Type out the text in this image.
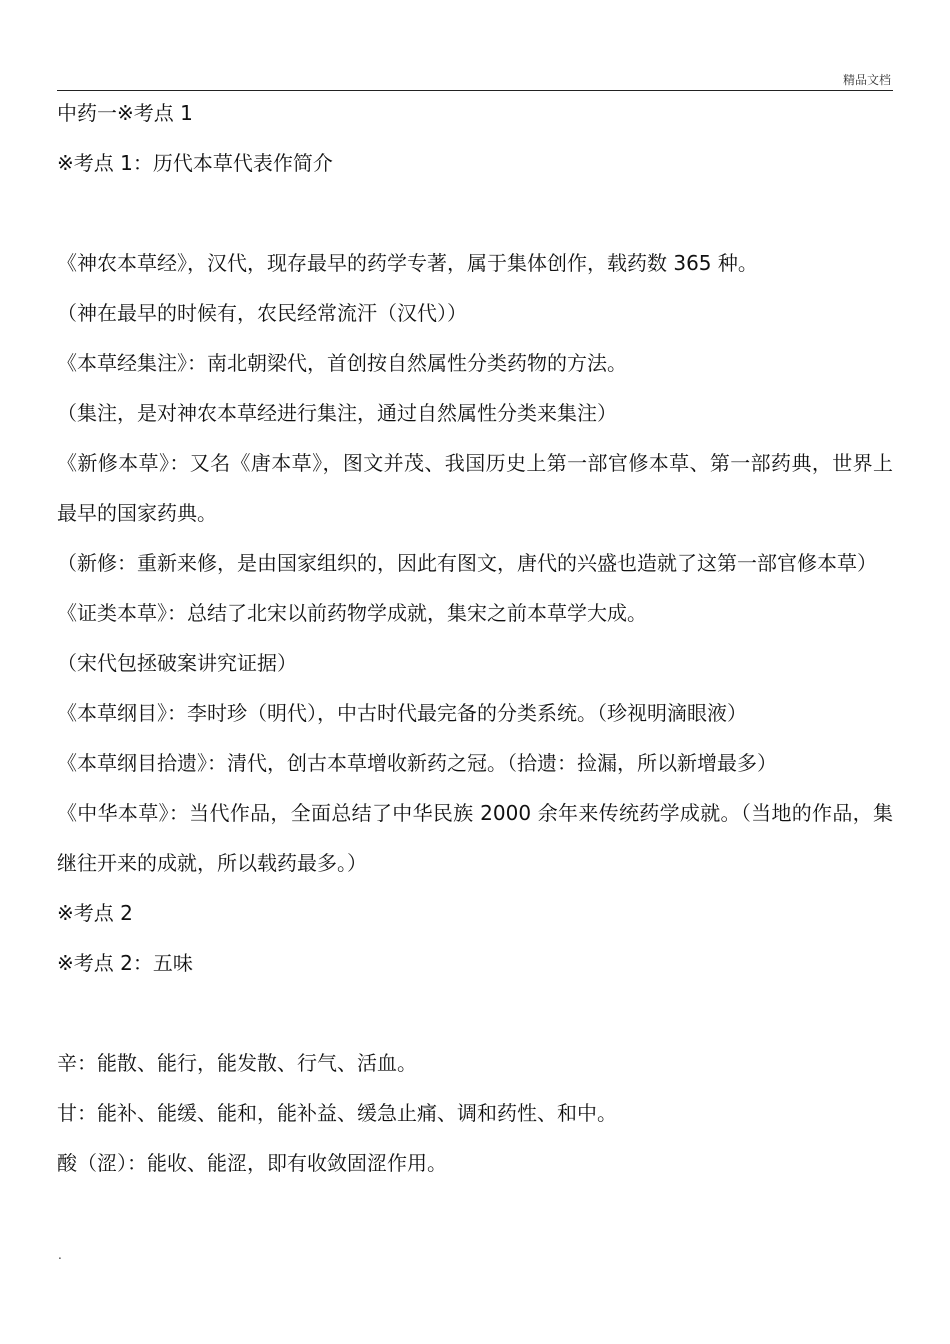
精品文档
中药一※考点 1
※考点 1：历代本草代表作简介
《神农本草经》，汉代，现存最早的药学专著，属于集体创作，载药数 365 种。
（神在最早的时候有，农民经常流汗（汉代））
《本草经集注》：南北朝梁代，首创按自然属性分类药物的方法。
（集注，是对神农本草经进行集注，通过自然属性分类来集注）
《新修本草》：又名《唐本草》，图文并茂、我国历史上第一部官修本草、第一部药典，世界上最早的国家药典。
（新修：重新来修，是由国家组织的，因此有图文，唐代的兴盛也造就了这第一部官修本草）
《证类本草》：总结了北宋以前药物学成就，集宋之前本草学大成。
（宋代包拯破案讲究证据）
《本草纲目》：李时珍（明代），中古时代最完备的分类系统。（珍视明滴眼液）
《本草纲目拾遗》：清代，创古本草增收新药之冠。（拾遗：捡漏，所以新增最多）
《中华本草》：当代作品，全面总结了中华民族 2000 余年来传统药学成就。（当地的作品，集继往开来的成就，所以载药最多。）
※考点 2
※考点 2：五味
辛：能散、能行，能发散、行气、活血。
甘：能补、能缓、能和，能补益、缓急止痛、调和药性、和中。
酸（涩）：能收、能涩，即有收敛固涩作用。
.
